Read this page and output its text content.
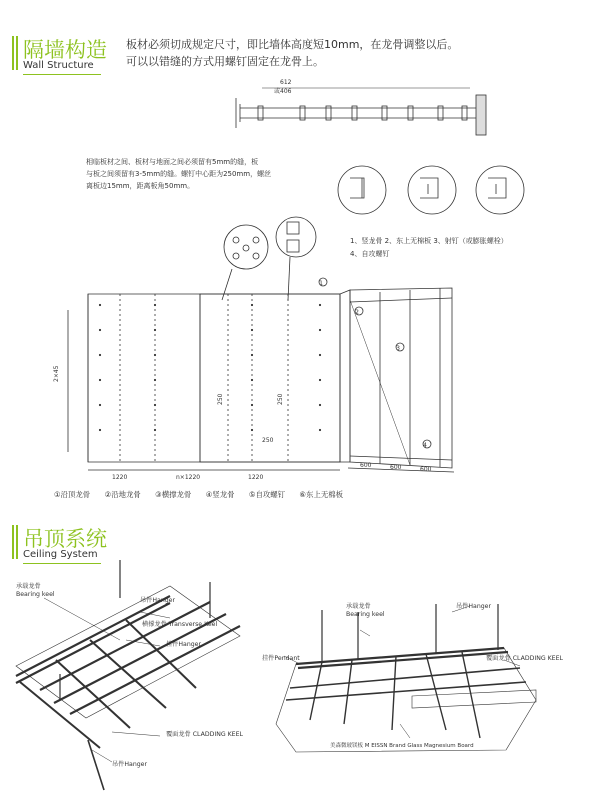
隔墙构造
Wall Structure
板材必须切成规定尺寸，即比墙体高度短10mm，在龙骨调整以后。
可以以错缝的方式用螺钉固定在龙骨上。
相临板材之间、板材与地面之间必须留有5mm的缝，板
与板之间须留有3-5mm的缝。螺钉中心距为250mm，螺丝
离板边15mm，距离板角50mm。
1、竖龙骨 2、东上无棉板 3、射钉（或膨胀螺栓）
4、自攻螺钉
612
或406
1
2
3
4
2×45
1220	n×1220	1220
250	250
250
600	600	600
①沿顶龙骨 ②沿地龙骨 ③横撑龙骨 ④竖龙骨 ⑤自攻螺钉 ⑥东上无棉板
吊顶系统
Ceiling System
承载龙骨
Bearing keel
吊件Hanger
横撑龙骨 Transverse Keel
挂件Hanger
覆面龙骨 CLADDING KEEL
吊件Hanger
承载龙骨
Bearing keel
吊件Hanger
挂件Pendant	覆面龙骨 CLADDING KEEL
美森微玻镁板 M EISSN Brand Glass Magnesium Board
